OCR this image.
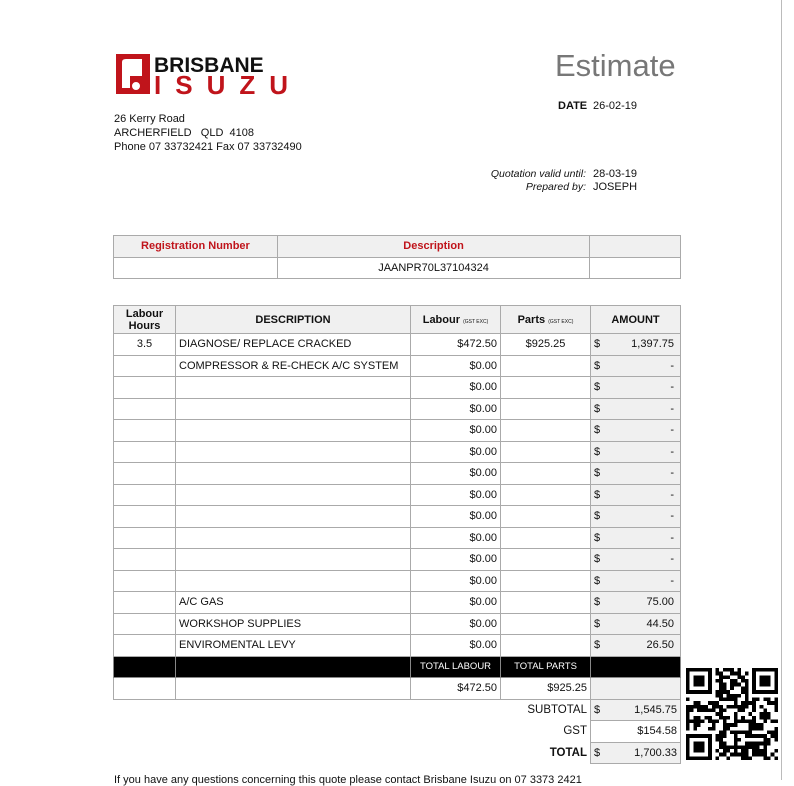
BRISBANE
ISUZU
26 Kerry Road
ARCHERFIELD   QLD  4108
Phone 07 33732421 Fax 07 33732490
Estimate
DATE 26-02-19
Quotation valid until: 28-03-19
Prepared by: JOSEPH
Registration Number	Description	
	JAANPR70L37104324	
Labour Hours	DESCRIPTION	Labour (GST EXC)	Parts (GST EXC)	AMOUNT	
3.5	DIAGNOSE/ REPLACE CRACKED	$472.50	$925.25	$	1,397.75
	COMPRESSOR & RE-CHECK A/C SYSTEM	$0.00		$	-
		$0.00		$	-
		$0.00		$	-
		$0.00		$	-
		$0.00		$	-
		$0.00		$	-
		$0.00		$	-
		$0.00		$	-
		$0.00		$	-
		$0.00		$	-
		$0.00		$	-
	A/C GAS	$0.00		$	75.00
	WORKSHOP SUPPLIES	$0.00		$	44.50
	ENVIROMENTAL LEVY	$0.00		$	26.50
		TOTAL LABOUR	TOTAL PARTS		
		$472.50	$925.25		
SUBTOTAL				$	1,545.75
GST				$154.58	
TOTAL				$	1,700.33
If you have any questions concerning this quote please contact Brisbane Isuzu on 07 3373 2421
